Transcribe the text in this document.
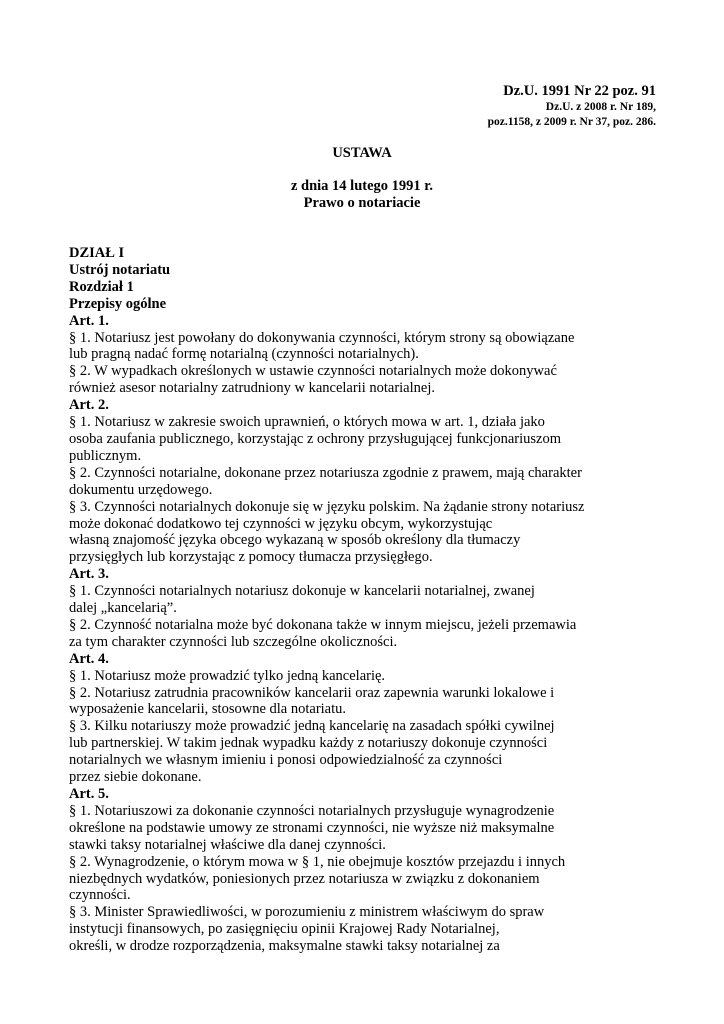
Dz.U. 1991 Nr 22 poz. 91
Dz.U. z 2008 r. Nr 189,
poz.1158, z 2009 r. Nr 37, poz. 286.
USTAWA
z dnia 14 lutego 1991 r.
Prawo o notariacie
DZIAŁ I
Ustrój notariatu
Rozdział 1
Przepisy ogólne
Art. 1.
§ 1. Notariusz jest powołany do dokonywania czynności, którym strony są obowiązane
lub pragną nadać formę notarialną (czynności notarialnych).
§ 2. W wypadkach określonych w ustawie czynności notarialnych może dokonywać
również asesor notarialny zatrudniony w kancelarii notarialnej.
Art. 2.
§ 1. Notariusz w zakresie swoich uprawnień, o których mowa w art. 1, działa jako
osoba zaufania publicznego, korzystając z ochrony przysługującej funkcjonariuszom
publicznym.
§ 2. Czynności notarialne, dokonane przez notariusza zgodnie z prawem, mają charakter
dokumentu urzędowego.
§ 3. Czynności notarialnych dokonuje się w języku polskim. Na żądanie strony notariusz
może dokonać dodatkowo tej czynności w języku obcym, wykorzystując
własną znajomość języka obcego wykazaną w sposób określony dla tłumaczy
przysięgłych lub korzystając z pomocy tłumacza przysięgłego.
Art. 3.
§ 1. Czynności notarialnych notariusz dokonuje w kancelarii notarialnej, zwanej
dalej „kancelarią”.
§ 2. Czynność notarialna może być dokonana także w innym miejscu, jeżeli przemawia
za tym charakter czynności lub szczególne okoliczności.
Art. 4.
§ 1. Notariusz może prowadzić tylko jedną kancelarię.
§ 2. Notariusz zatrudnia pracowników kancelarii oraz zapewnia warunki lokalowe i
wyposażenie kancelarii, stosowne dla notariatu.
§ 3. Kilku notariuszy może prowadzić jedną kancelarię na zasadach spółki cywilnej
lub partnerskiej. W takim jednak wypadku każdy z notariuszy dokonuje czynności
notarialnych we własnym imieniu i ponosi odpowiedzialność za czynności
przez siebie dokonane.
Art. 5.
§ 1. Notariuszowi za dokonanie czynności notarialnych przysługuje wynagrodzenie
określone na podstawie umowy ze stronami czynności, nie wyższe niż maksymalne
stawki taksy notarialnej właściwe dla danej czynności.
§ 2. Wynagrodzenie, o którym mowa w § 1, nie obejmuje kosztów przejazdu i innych
niezbędnych wydatków, poniesionych przez notariusza w związku z dokonaniem
czynności.
§ 3. Minister Sprawiedliwości, w porozumieniu z ministrem właściwym do spraw
instytucji finansowych, po zasięgnięciu opinii Krajowej Rady Notarialnej,
określi, w drodze rozporządzenia, maksymalne stawki taksy notarialnej za
